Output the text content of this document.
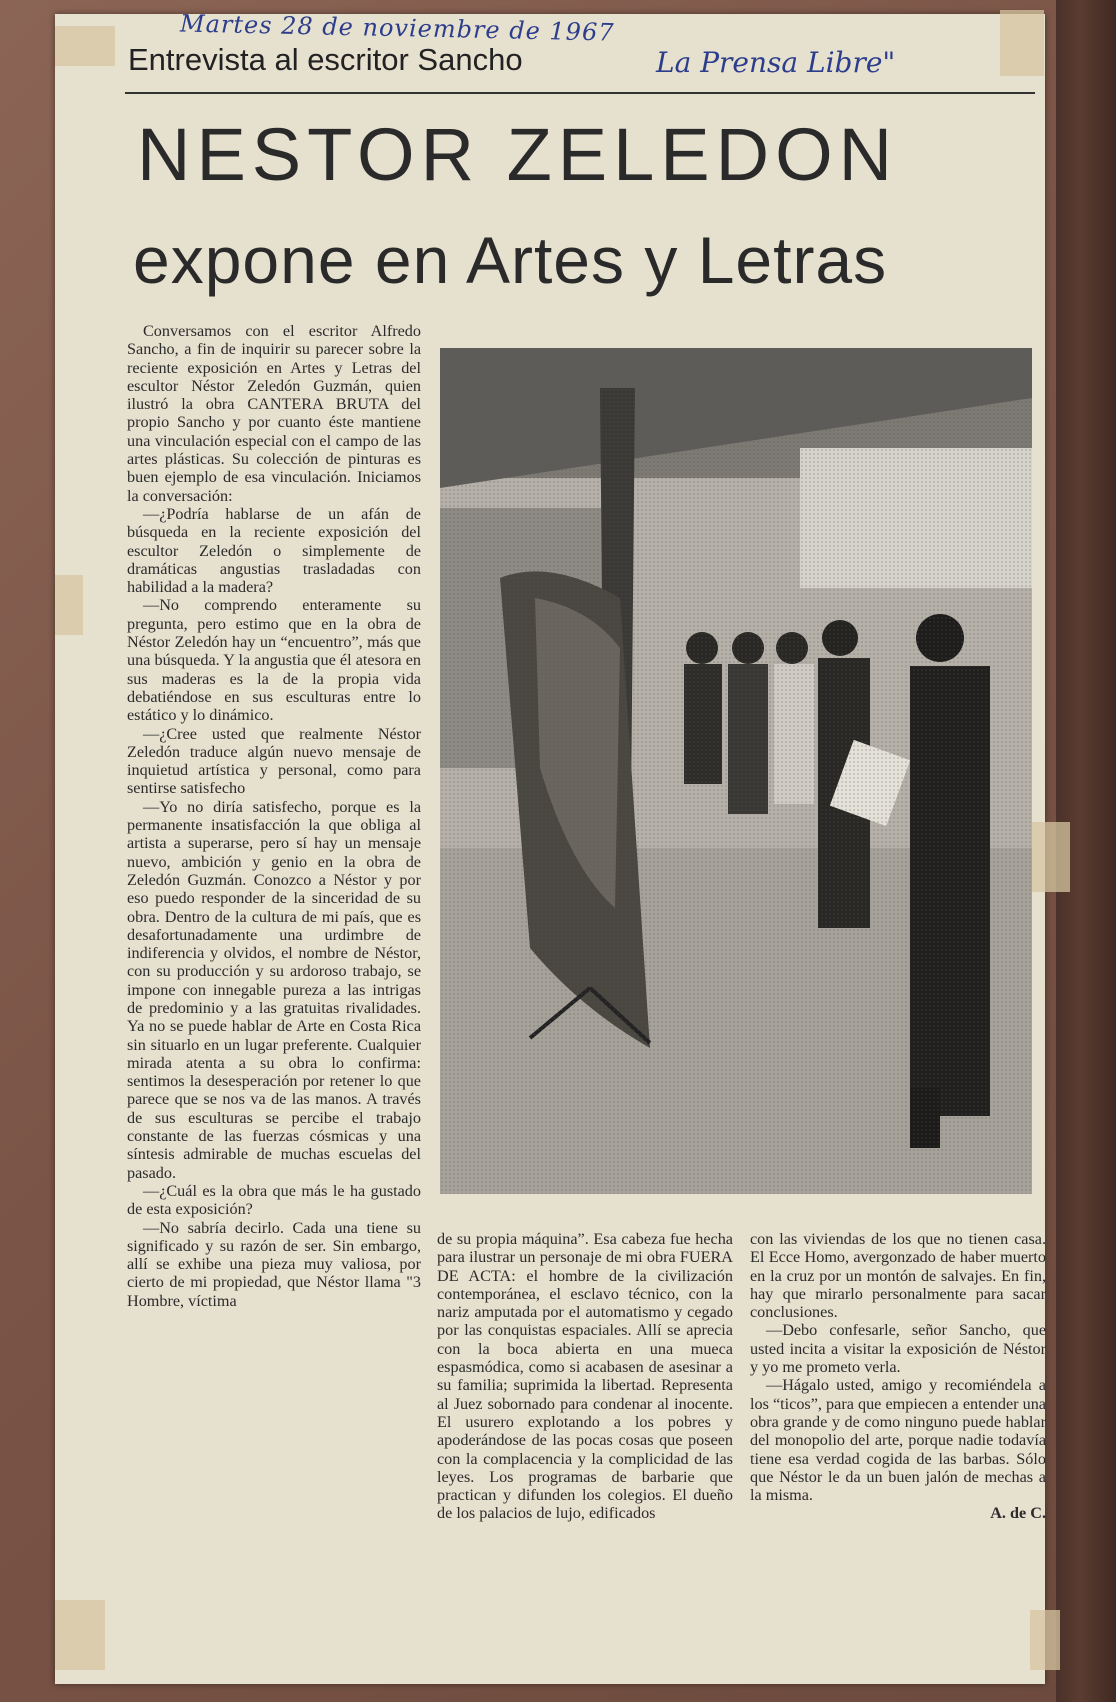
Martes 28 de noviembre de 1967
Entrevista al escritor Sancho	La Prensa Libre"
NESTOR ZELEDON
expone en Artes y Letras

Conversamos con el escritor Alfredo Sancho, a fin de inquirir su parecer sobre la reciente exposición en Artes y Letras del escultor Néstor Zeledón Guzmán, quien ilustró la obra CANTERA BRUTA del propio Sancho y por cuanto éste mantiene una vinculación especial con el campo de las artes plásticas. Su colección de pinturas es buen ejemplo de esa vinculación. Iniciamos la conversación:

—¿Podría hablarse de un afán de búsqueda en la reciente exposición del escultor Zeledón o simplemente de dramáticas angustias trasladadas con habilidad a la madera?

—No comprendo enteramente su pregunta, pero estimo que en la obra de Néstor Zeledón hay un “encuentro”, más que una búsqueda. Y la angustia que él atesora en sus maderas es la de la propia vida debatiéndose en sus esculturas entre lo estático y lo dinámico.

—¿Cree usted que realmente Néstor Zeledón traduce algún nuevo mensaje de inquietud artística y personal, como para sentirse satisfecho

—Yo no diría satisfecho, porque es la permanente insatisfacción la que obliga al artista a superarse, pero sí hay un mensaje nuevo, ambición y genio en la obra de Zeledón Guzmán. Conozco a Néstor y por eso puedo responder de la sinceridad de su obra. Dentro de la cultura de mi país, que es desafortunadamente una urdimbre de indiferencia y olvidos, el nombre de Néstor, con su producción y su ardoroso trabajo, se impone con innegable pureza a las intrigas de predominio y a las gratuitas rivalidades. Ya no se puede hablar de Arte en Costa Rica sin situarlo en un lugar preferente. Cualquier mirada atenta a su obra lo confirma: sentimos la desesperación por retener lo que parece que se nos va de las manos. A través de sus esculturas se percibe el trabajo constante de las fuerzas cósmicas y una síntesis admirable de muchas escuelas del pasado.

—¿Cuál es la obra que más le ha gustado de esta exposición?

—No sabría decirlo. Cada una tiene su significado y su razón de ser. Sin embargo, allí se exhibe una pieza muy valiosa, por cierto de mi propiedad, que Néstor llama "3 Hombre, víctima

de su propia máquina”. Esa cabeza fue hecha para ilustrar un personaje de mi obra FUERA DE ACTA: el hombre de la civilización contemporánea, el esclavo técnico, con la nariz amputada por el automatismo y cegado por las conquistas espaciales. Allí se aprecia con la boca abierta en una mueca espasmódica, como si acabasen de asesinar a su familia; suprimida la libertad. Representa al Juez sobornado para condenar al inocente. El usurero explotando a los pobres y apoderándose de las pocas cosas que poseen con la complacencia y la complicidad de las leyes. Los programas de barbarie que practican y difunden los colegios. El dueño de los palacios de lujo, edificados

con las viviendas de los que no tienen casa. El Ecce Homo, avergonzado de haber muerto en la cruz por un montón de salvajes. En fin, hay que mirarlo personalmente para sacar conclusiones.

—Debo confesarle, señor Sancho, que usted incita a visitar la exposición de Néstor y yo me prometo verla.

—Hágalo usted, amigo y recomiéndela a los “ticos”, para que empiecen a entender una obra grande y de como ninguno puede hablar del monopolio del arte, porque nadie todavía tiene esa verdad cogida de las barbas. Sólo que Néstor le da un buen jalón de mechas a la misma.

A. de C.
